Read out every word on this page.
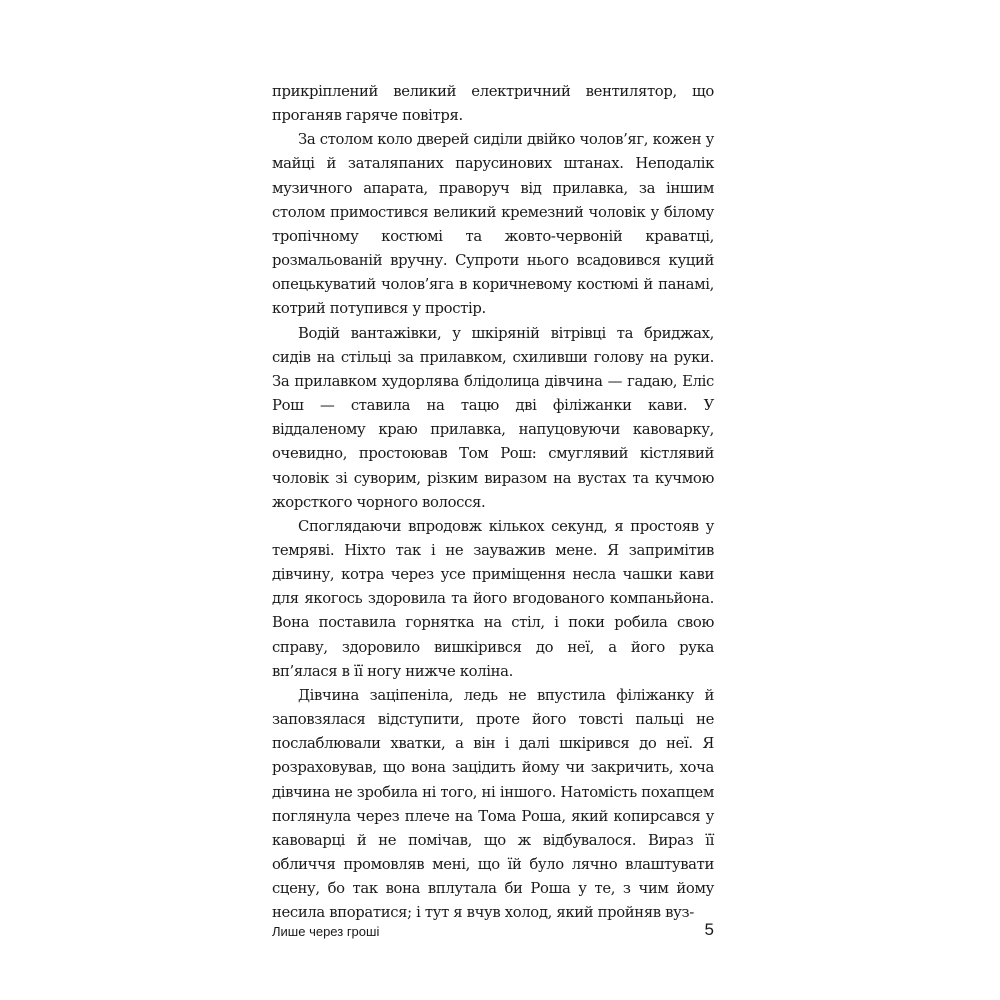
прикріплений великий електричний вентилятор, що проганяв гаряче повітря.

За столом коло дверей сиділи двійко чолов’яг, кожен у майці й заталяпаних парусинових штанах. Неподалік музичного апарата, праворуч від прилавка, за іншим столом примостився великий кремезний чоловік у білому тропічному костюмі та жовто-червоній краватці, розмальованій вручну. Супроти нього всадовився куций опецькуватий чолов’яга в коричневому костюмі й панамі, котрий потупився у простір.

Водій вантажівки, у шкіряній вітрівці та бриджах, сидів на стільці за прилавком, схиливши голову на руки. За прилавком худорлява блідолица дівчина — гадаю, Еліс Рош — ставила на тацю дві філіжанки кави. У віддаленому краю прилавка, напуцовуючи кавоварку, очевидно, простоював Том Рош: смуглявий кістлявий чоловік зі суворим, різким виразом на вустах та кучмою жорсткого чорного волосся.

Споглядаючи впродовж кількох секунд, я простояв у темряві. Ніхто так і не зауважив мене. Я запримітив дівчину, котра через усе приміщення несла чашки кави для якогось здоровила та його вгодованого компаньйона. Вона поставила горнятка на стіл, і поки робила свою справу, здоровило вишкірився до неї, а його рука вп’ялася в її ногу нижче коліна.

Дівчина заціпеніла, ледь не впустила філіжанку й заповзялася відступити, проте його товсті пальці не послаблювали хватки, а він і далі шкірився до неї. Я розраховував, що вона зацідить йому чи закричить, хоча дівчина не зробила ні того, ні іншого. Натомість похапцем поглянула через плече на Тома Роша, який копирсався у кавоварці й не помічав, що ж відбувалося. Вираз її обличчя промовляв мені, що їй було лячно влаштувати сцену, бо так вона вплутала би Роша у те, з чим йому несила впоратися; і тут я вчув холод, який пройняв вуз-

Лише через гроші	5
